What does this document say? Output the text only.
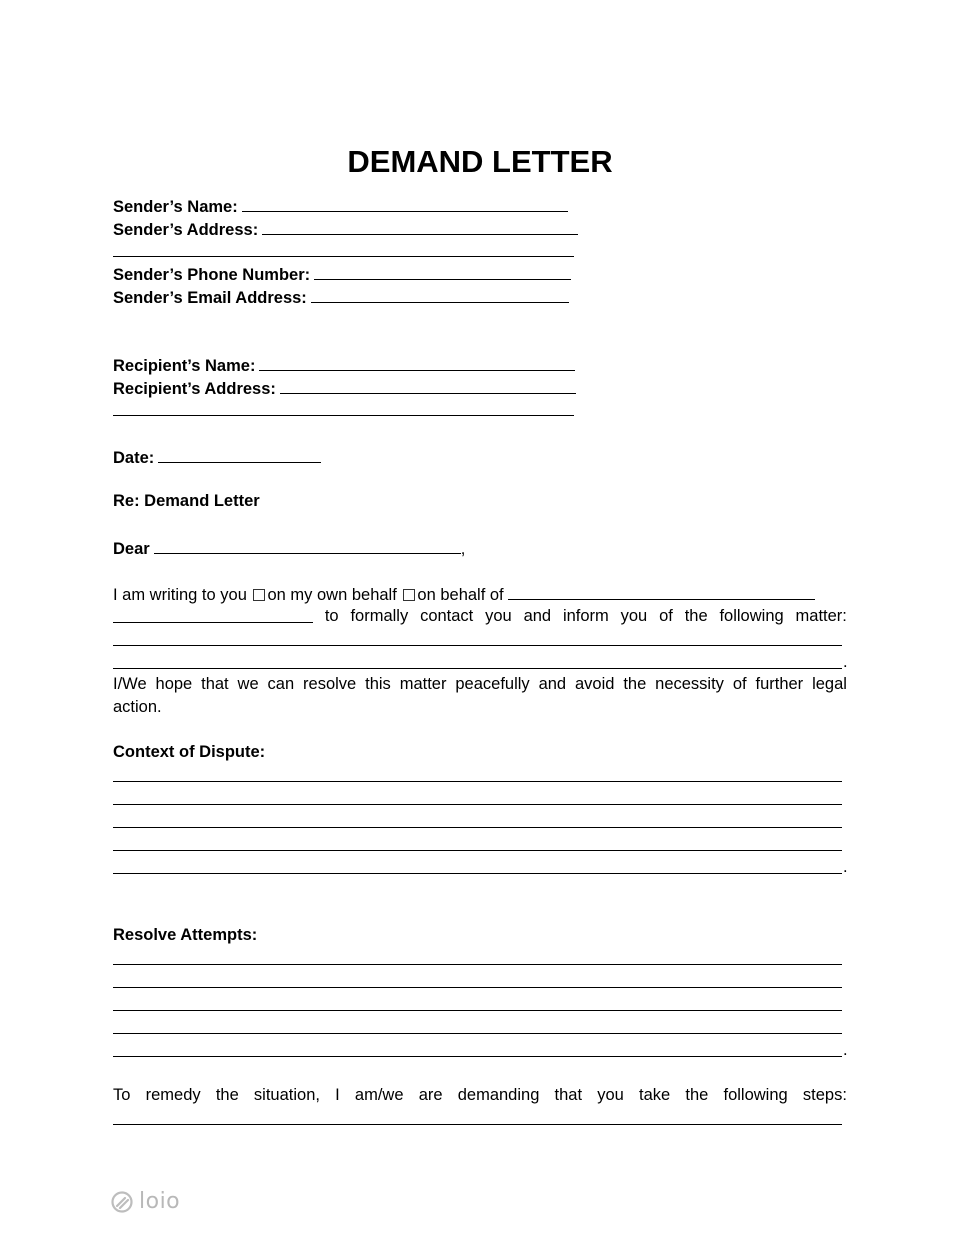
DEMAND LETTER
Sender’s Name:
Sender’s Address:
Sender’s Phone Number:
Sender’s Email Address:
Recipient’s Name:
Recipient’s Address:
Date:
Re: Demand Letter
Dear	,
I am writing to you on my own behalf on behalf of
to formally contact you and inform you of the following matter:
.
I/We hope that we can resolve this matter peacefully and avoid the necessity of further legal
action.
Context of Dispute:
.
Resolve Attempts:
.
To remedy the situation, I am/we are demanding that you take the following steps:
loio
